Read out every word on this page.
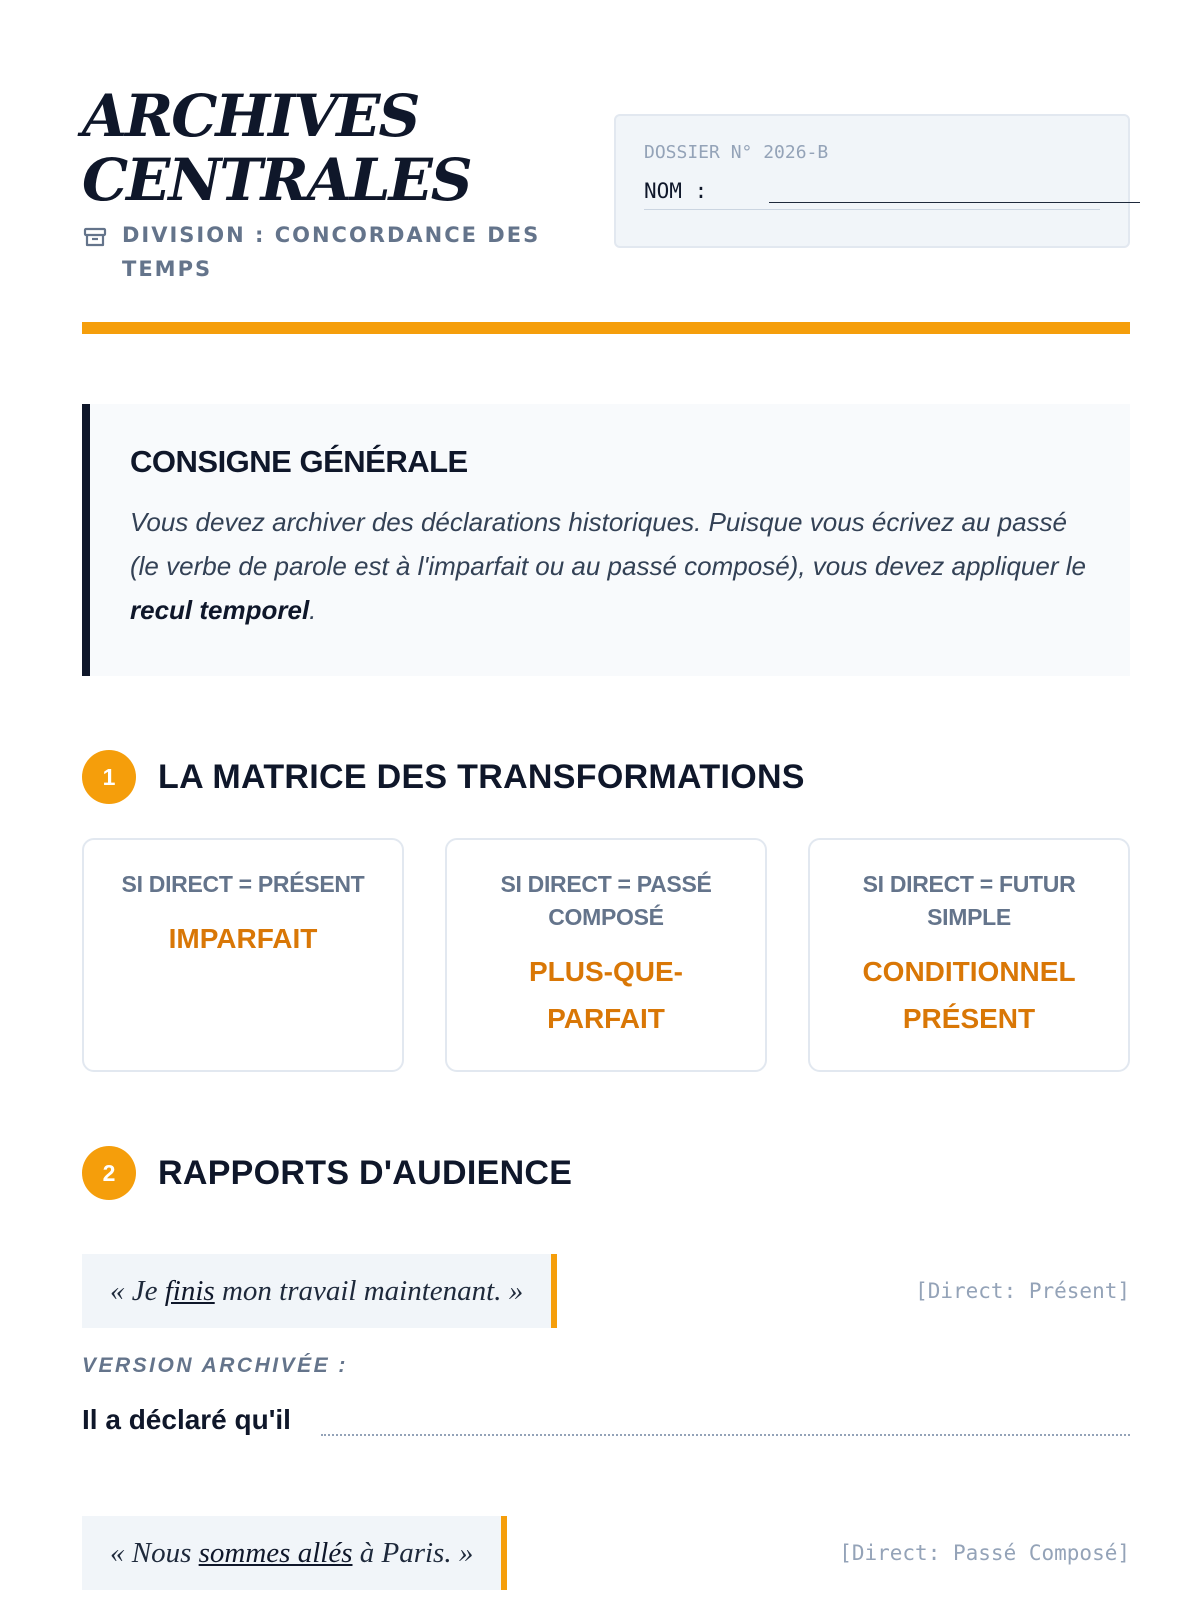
ARCHIVES
CENTRALES
DIVISION : CONCORDANCE DES TEMPS
DOSSIER N° 2026-B
NOM :
CONSIGNE GÉNÉRALE

Vous devez archiver des déclarations historiques. Puisque vous écrivez au passé (le verbe de parole est à l'imparfait ou au passé composé), vous devez appliquer le recul temporel.

1	LA MATRICE DES TRANSFORMATIONS
SI DIRECT = PRÉSENT
IMPARFAIT
SI DIRECT = PASSÉ COMPOSÉ
PLUS-QUE-PARFAIT
SI DIRECT = FUTUR SIMPLE
CONDITIONNEL PRÉSENT
2	RAPPORTS D'AUDIENCE
« Je finis mon travail maintenant. »	[Direct: Présent]
VERSION ARCHIVÉE :
Il a déclaré qu'il
« Nous sommes allés à Paris. »	[Direct: Passé Composé]
